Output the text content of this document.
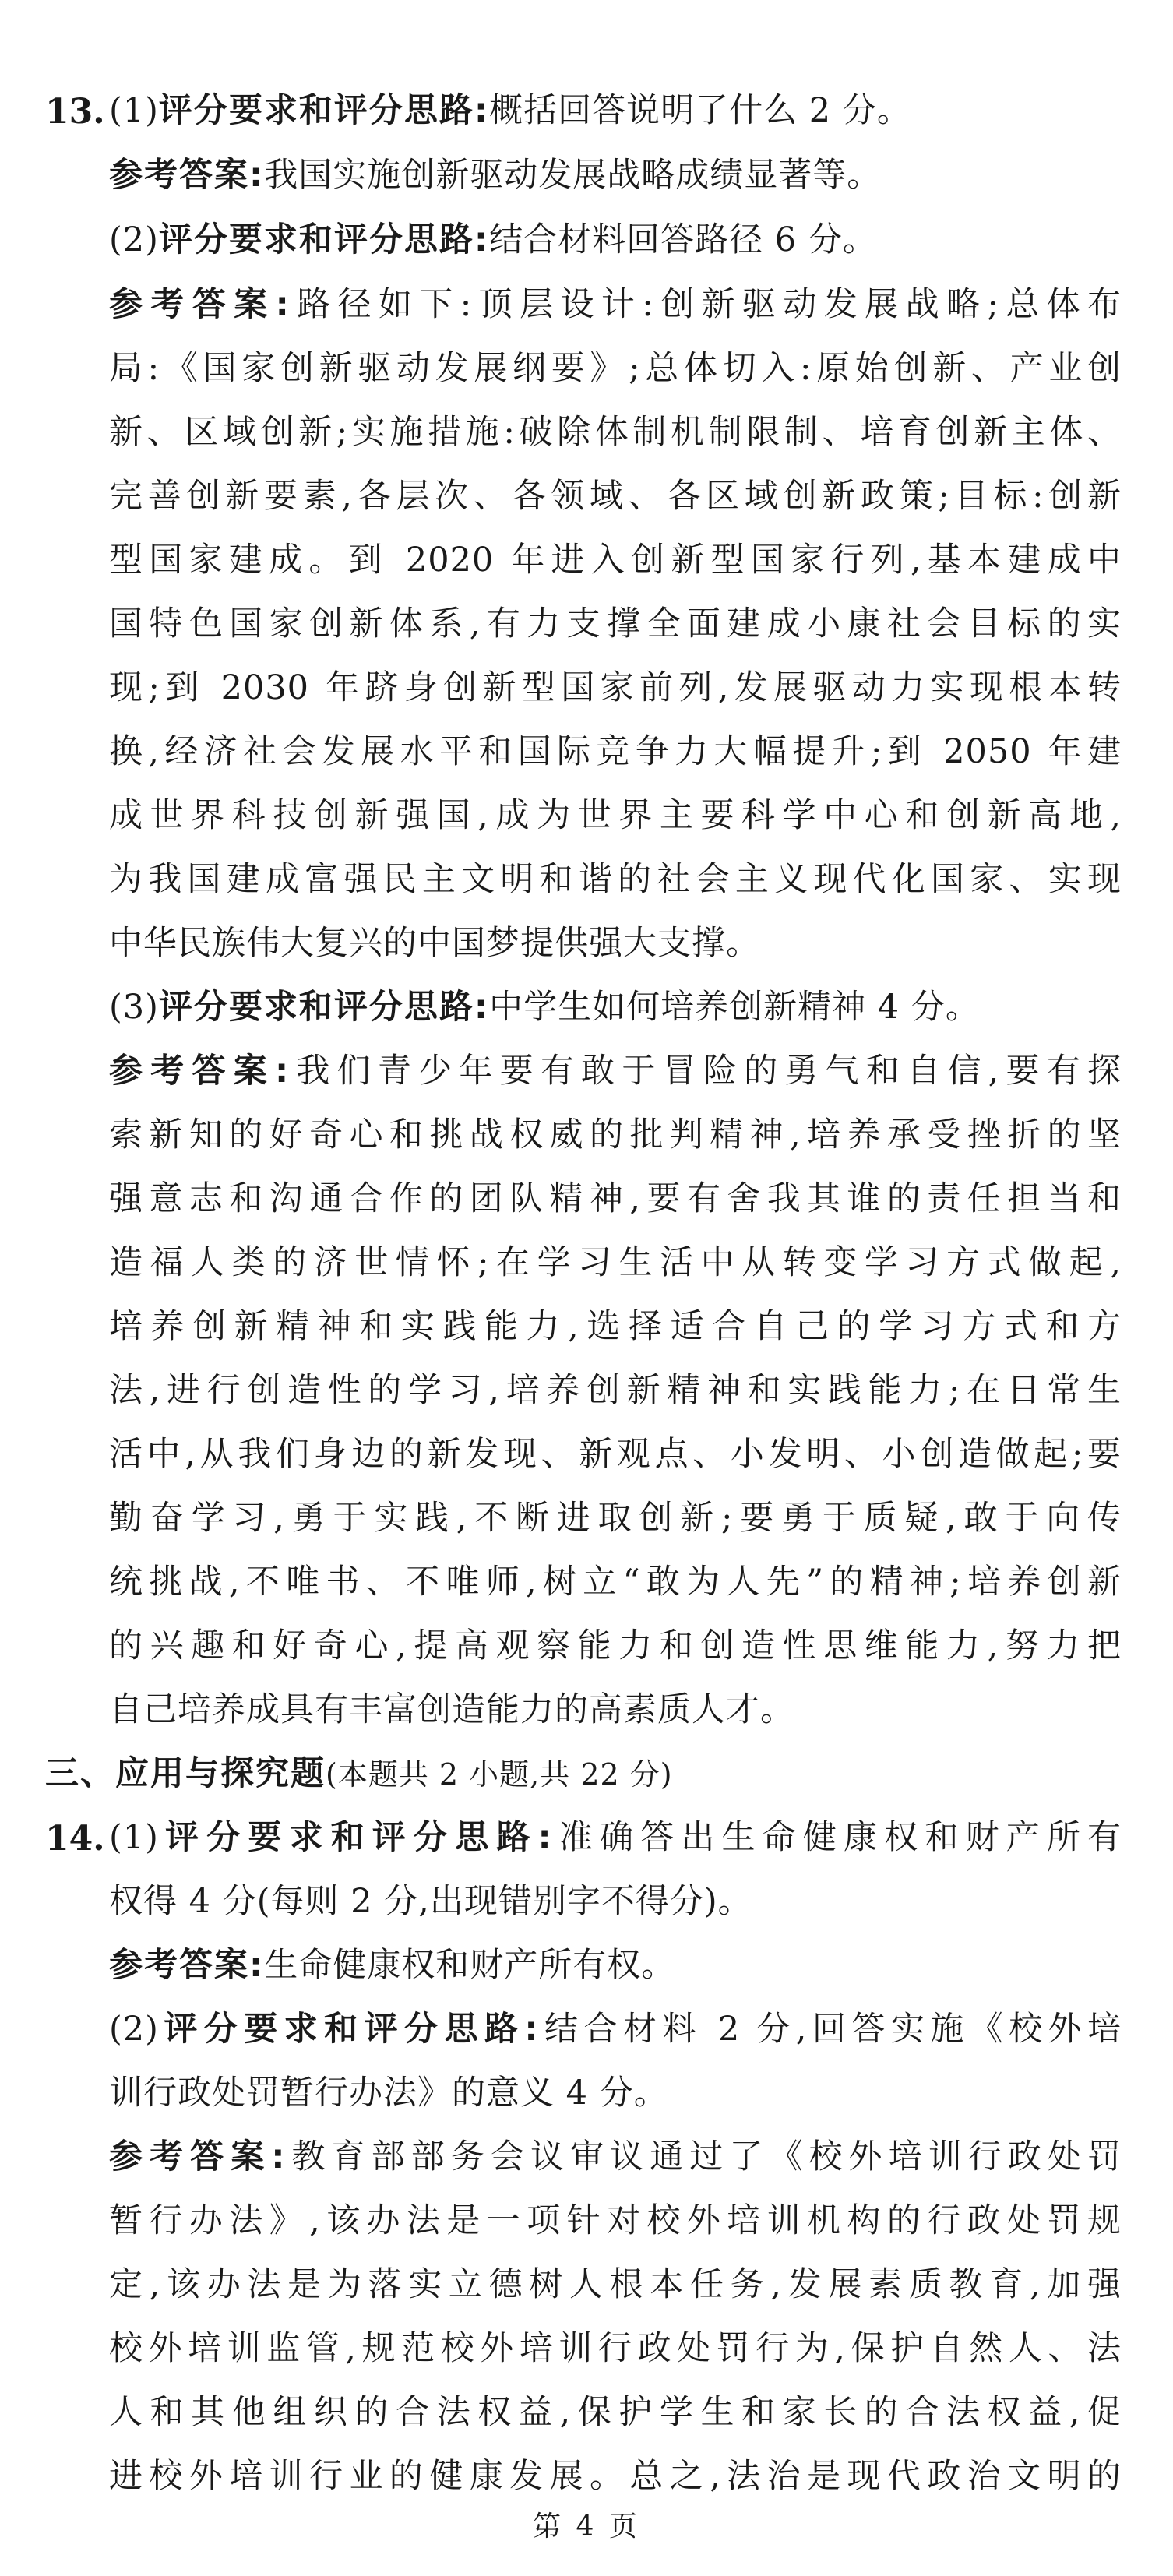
13. (1)评分要求和评分思路:概括回答说明了什么 2 分。
参考答案:我国实施创新驱动发展战略成绩显著等。
(2)评分要求和评分思路:结合材料回答路径 6 分。
参考答案:路径如下:顶层设计:创新驱动发展战略;总体布
局:《国家创新驱动发展纲要》;总体切入:原始创新、产业创
新、区域创新;实施措施:破除体制机制限制、培育创新主体、
完善创新要素,各层次、各领域、各区域创新政策;目标:创新
型国家建成。到 2020 年进入创新型国家行列,基本建成中
国特色国家创新体系,有力支撑全面建成小康社会目标的实
现;到 2030 年跻身创新型国家前列,发展驱动力实现根本转
换,经济社会发展水平和国际竞争力大幅提升;到 2050 年建
成世界科技创新强国,成为世界主要科学中心和创新高地,
为我国建成富强民主文明和谐的社会主义现代化国家、实现
中华民族伟大复兴的中国梦提供强大支撑。
(3)评分要求和评分思路:中学生如何培养创新精神 4 分。
参考答案:我们青少年要有敢于冒险的勇气和自信,要有探
索新知的好奇心和挑战权威的批判精神,培养承受挫折的坚
强意志和沟通合作的团队精神,要有舍我其谁的责任担当和
造福人类的济世情怀;在学习生活中从转变学习方式做起,
培养创新精神和实践能力,选择适合自己的学习方式和方
法,进行创造性的学习,培养创新精神和实践能力;在日常生
活中,从我们身边的新发现、新观点、小发明、小创造做起;要
勤奋学习,勇于实践,不断进取创新;要勇于质疑,敢于向传
统挑战,不唯书、不唯师,树立“敢为人先”的精神;培养创新
的兴趣和好奇心,提高观察能力和创造性思维能力,努力把
自己培养成具有丰富创造能力的高素质人才。
三、应用与探究题(本题共 2 小题,共 22 分)
14. (1)评分要求和评分思路:准确答出生命健康权和财产所有
权得 4 分(每则 2 分,出现错别字不得分)。
参考答案:生命健康权和财产所有权。
(2)评分要求和评分思路:结合材料 2 分,回答实施《校外培
训行政处罚暂行办法》的意义 4 分。
参考答案:教育部部务会议审议通过了《校外培训行政处罚
暂行办法》,该办法是一项针对校外培训机构的行政处罚规
定,该办法是为落实立德树人根本任务,发展素质教育,加强
校外培训监管,规范校外培训行政处罚行为,保护自然人、法
人和其他组织的合法权益,保护学生和家长的合法权益,促
进校外培训行业的健康发展。总之,法治是现代政治文明的
第 4 页
